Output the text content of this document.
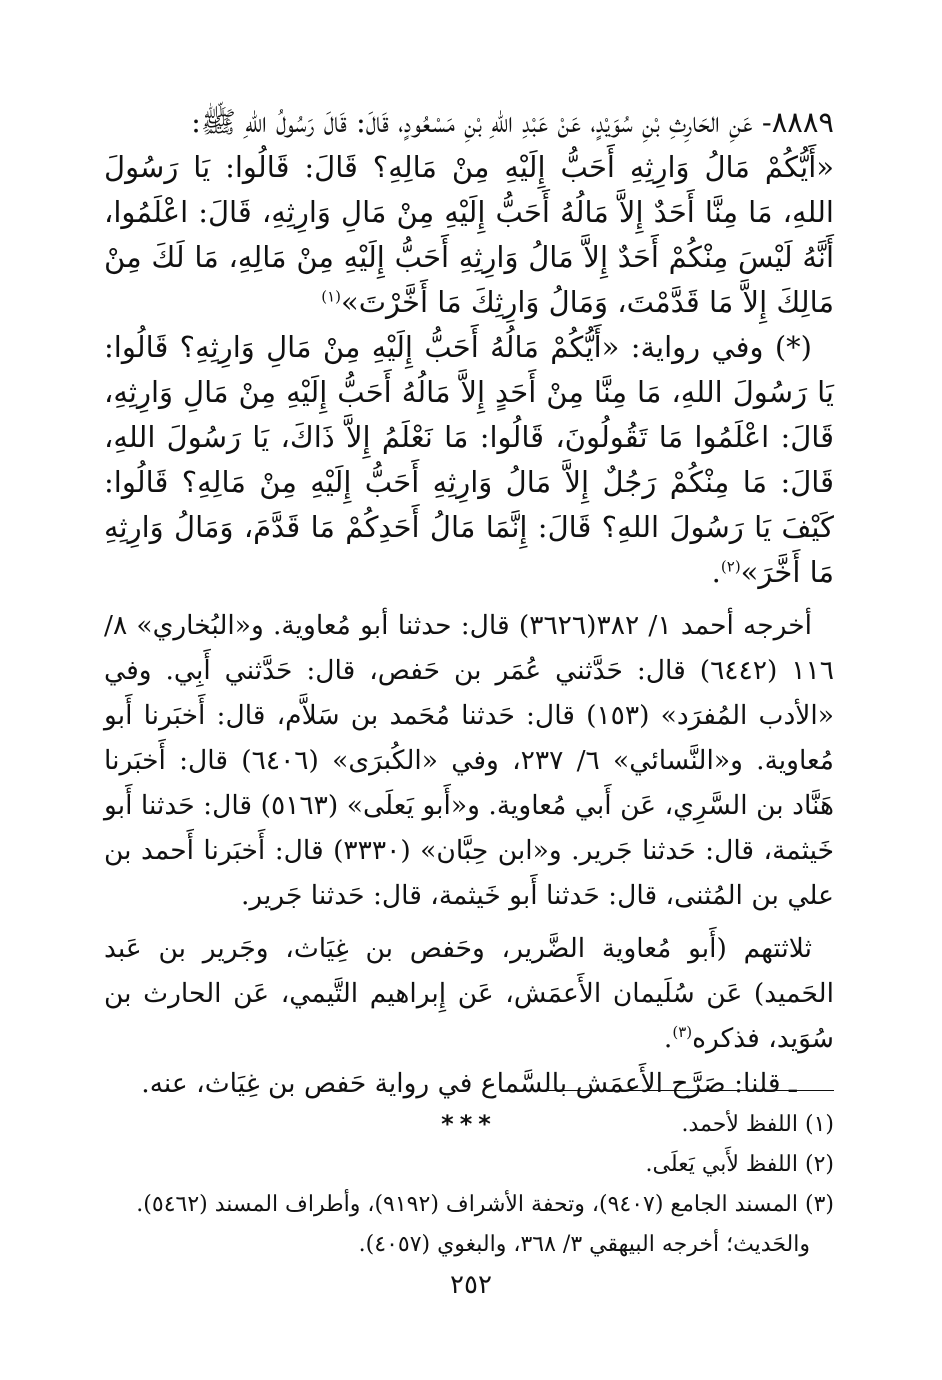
٨٨٨٩- عَنِ الحَارِثِ بْنِ سُوَيْدٍ، عَنْ عَبْدِ اللهِ بْنِ مَسْعُودٍ، قَالَ: قَالَ رَسُولُ اللهِ ﷺ:

«أَيُّكُمْ مَالُ وَارِثِهِ أَحَبُّ إِلَيْهِ مِنْ مَالِهِ؟ قَالَ: قَالُوا: يَا رَسُولَ اللهِ، مَا مِنَّا أَحَدٌ إِلاَّ مَالُهُ أَحَبُّ إِلَيْهِ مِنْ مَالِ وَارِثِهِ، قَالَ: اعْلَمُوا، أَنَّهُ لَيْسَ مِنْكُمْ أَحَدٌ إِلاَّ مَالُ وَارِثِهِ أَحَبُّ إِلَيْهِ مِنْ مَالِهِ، مَا لَكَ مِنْ مَالِكَ إِلاَّ مَا قَدَّمْتَ، وَمَالُ وَارِثِكَ مَا أَخَّرْتَ»$^{(١)}$

(*) وفي رواية: «أَيُّكُمْ مَالُهُ أَحَبُّ إِلَيْهِ مِنْ مَالِ وَارِثِهِ؟ قَالُوا: يَا رَسُولَ اللهِ، مَا مِنَّا مِنْ أَحَدٍ إِلاَّ مَالُهُ أَحَبُّ إِلَيْهِ مِنْ مَالِ وَارِثِهِ، قَالَ: اعْلَمُوا مَا تَقُولُونَ، قَالُوا: مَا نَعْلَمُ إِلاَّ ذَاكَ، يَا رَسُولَ اللهِ، قَالَ: مَا مِنْكُمْ رَجُلٌ إِلاَّ مَالُ وَارِثِهِ أَحَبُّ إِلَيْهِ مِنْ مَالِهِ؟ قَالُوا: كَيْفَ يَا رَسُولَ اللهِ؟ قَالَ: إِنَّمَا مَالُ أَحَدِكُمْ مَا قَدَّمَ، وَمَالُ وَارِثِهِ مَا أَخَّرَ»$^{(٢)}$.

أخرجه أحمد ١/ ٣٨٢(٣٦٢٦) قال: حدثنا أبو مُعاوية. و«البُخاري» ٨/ ١١٦ (٦٤٤٢) قال: حَدَّثني عُمَر بن حَفص، قال: حَدَّثني أَبِي. وفي «الأدب المُفرَد» (١٥٣) قال: حَدثنا مُحَمد بن سَلاَّم، قال: أَخبَرنا أَبو مُعاوية. و«النَّسائي» ٦/ ٢٣٧، وفي «الكُبرَى» (٦٤٠٦) قال: أَخبَرنا هَنَّاد بن السَّرِي، عَن أَبي مُعاوية. و«أَبو يَعلَى» (٥١٦٣) قال: حَدثنا أَبو خَيثمة، قال: حَدثنا جَرير. و«ابن حِبَّان» (٣٣٣٠) قال: أَخبَرنا أَحمد بن علي بن المُثنى، قال: حَدثنا أَبو خَيثمة، قال: حَدثنا جَرير.

ثلاثتهم (أَبو مُعاوية الضَّرير، وحَفص بن غِيَاث، وجَرير بن عَبد الحَميد) عَن سُلَيمان الأَعمَش، عَن إِبراهيم التَّيمي، عَن الحارث بن سُوَيد، فذكره$^{(٣)}$.

ـ قلنا: صَرَّح الأَعمَش بالسَّماع في رواية حَفص بن غِيَاث، عنه.

***	(١) اللفظ لأحمد.
(٢) اللفظ لأَبي يَعلَى.
(٣) المسند الجامع (٩٤٠٧)، وتحفة الأشراف (٩١٩٢)، وأطراف المسند (٥٤٦٢).
والحَديث؛ أخرجه البيهقي ٣/ ٣٦٨، والبغوي (٤٠٥٧).
٢٥٢
